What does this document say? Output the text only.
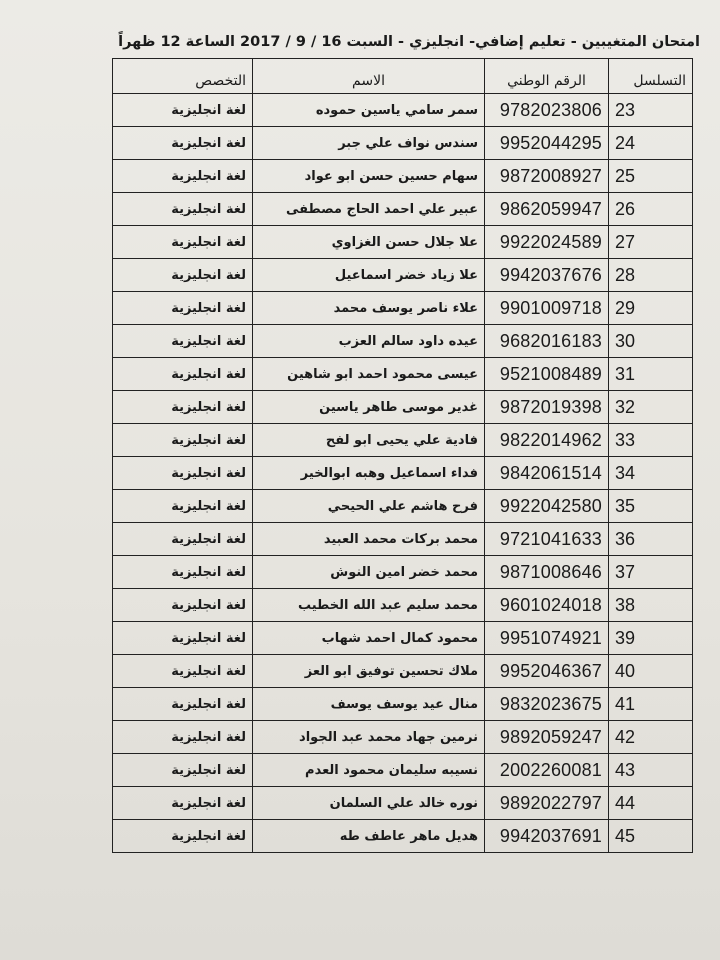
امتحان المتغيبين - تعليم إضافي- انجليزي - السبت 16 / 9 / 2017 الساعة 12 ظهراً
التسلسل	الرقم الوطني	الاسم	التخصص
23	9782023806	سمر سامي ياسين حموده	لغة انجليزية
24	9952044295	سندس نواف علي جبر	لغة انجليزية
25	9872008927	سهام حسين حسن ابو عواد	لغة انجليزية
26	9862059947	عبير علي احمد الحاج مصطفى	لغة انجليزية
27	9922024589	علا جلال حسن الغزاوي	لغة انجليزية
28	9942037676	علا زياد خضر اسماعيل	لغة انجليزية
29	9901009718	علاء ناصر يوسف محمد	لغة انجليزية
30	9682016183	عيده داود سالم العزب	لغة انجليزية
31	9521008489	عيسى محمود احمد ابو شاهين	لغة انجليزية
32	9872019398	غدير موسى طاهر ياسين	لغة انجليزية
33	9822014962	فادية علي يحيى ابو لفح	لغة انجليزية
34	9842061514	فداء اسماعيل وهبه ابوالخير	لغة انجليزية
35	9922042580	فرح هاشم علي الحيحي	لغة انجليزية
36	9721041633	محمد بركات محمد العبيد	لغة انجليزية
37	9871008646	محمد خضر امين النوش	لغة انجليزية
38	9601024018	محمد سليم عبد الله الخطيب	لغة انجليزية
39	9951074921	محمود كمال احمد شهاب	لغة انجليزية
40	9952046367	ملاك تحسين توفيق ابو العز	لغة انجليزية
41	9832023675	منال عيد يوسف يوسف	لغة انجليزية
42	9892059247	نرمين جهاد محمد عبد الجواد	لغة انجليزية
43	2002260081	نسيبه سليمان محمود العدم	لغة انجليزية
44	9892022797	نوره خالد علي السلمان	لغة انجليزية
45	9942037691	هديل ماهر عاطف طه	لغة انجليزية
